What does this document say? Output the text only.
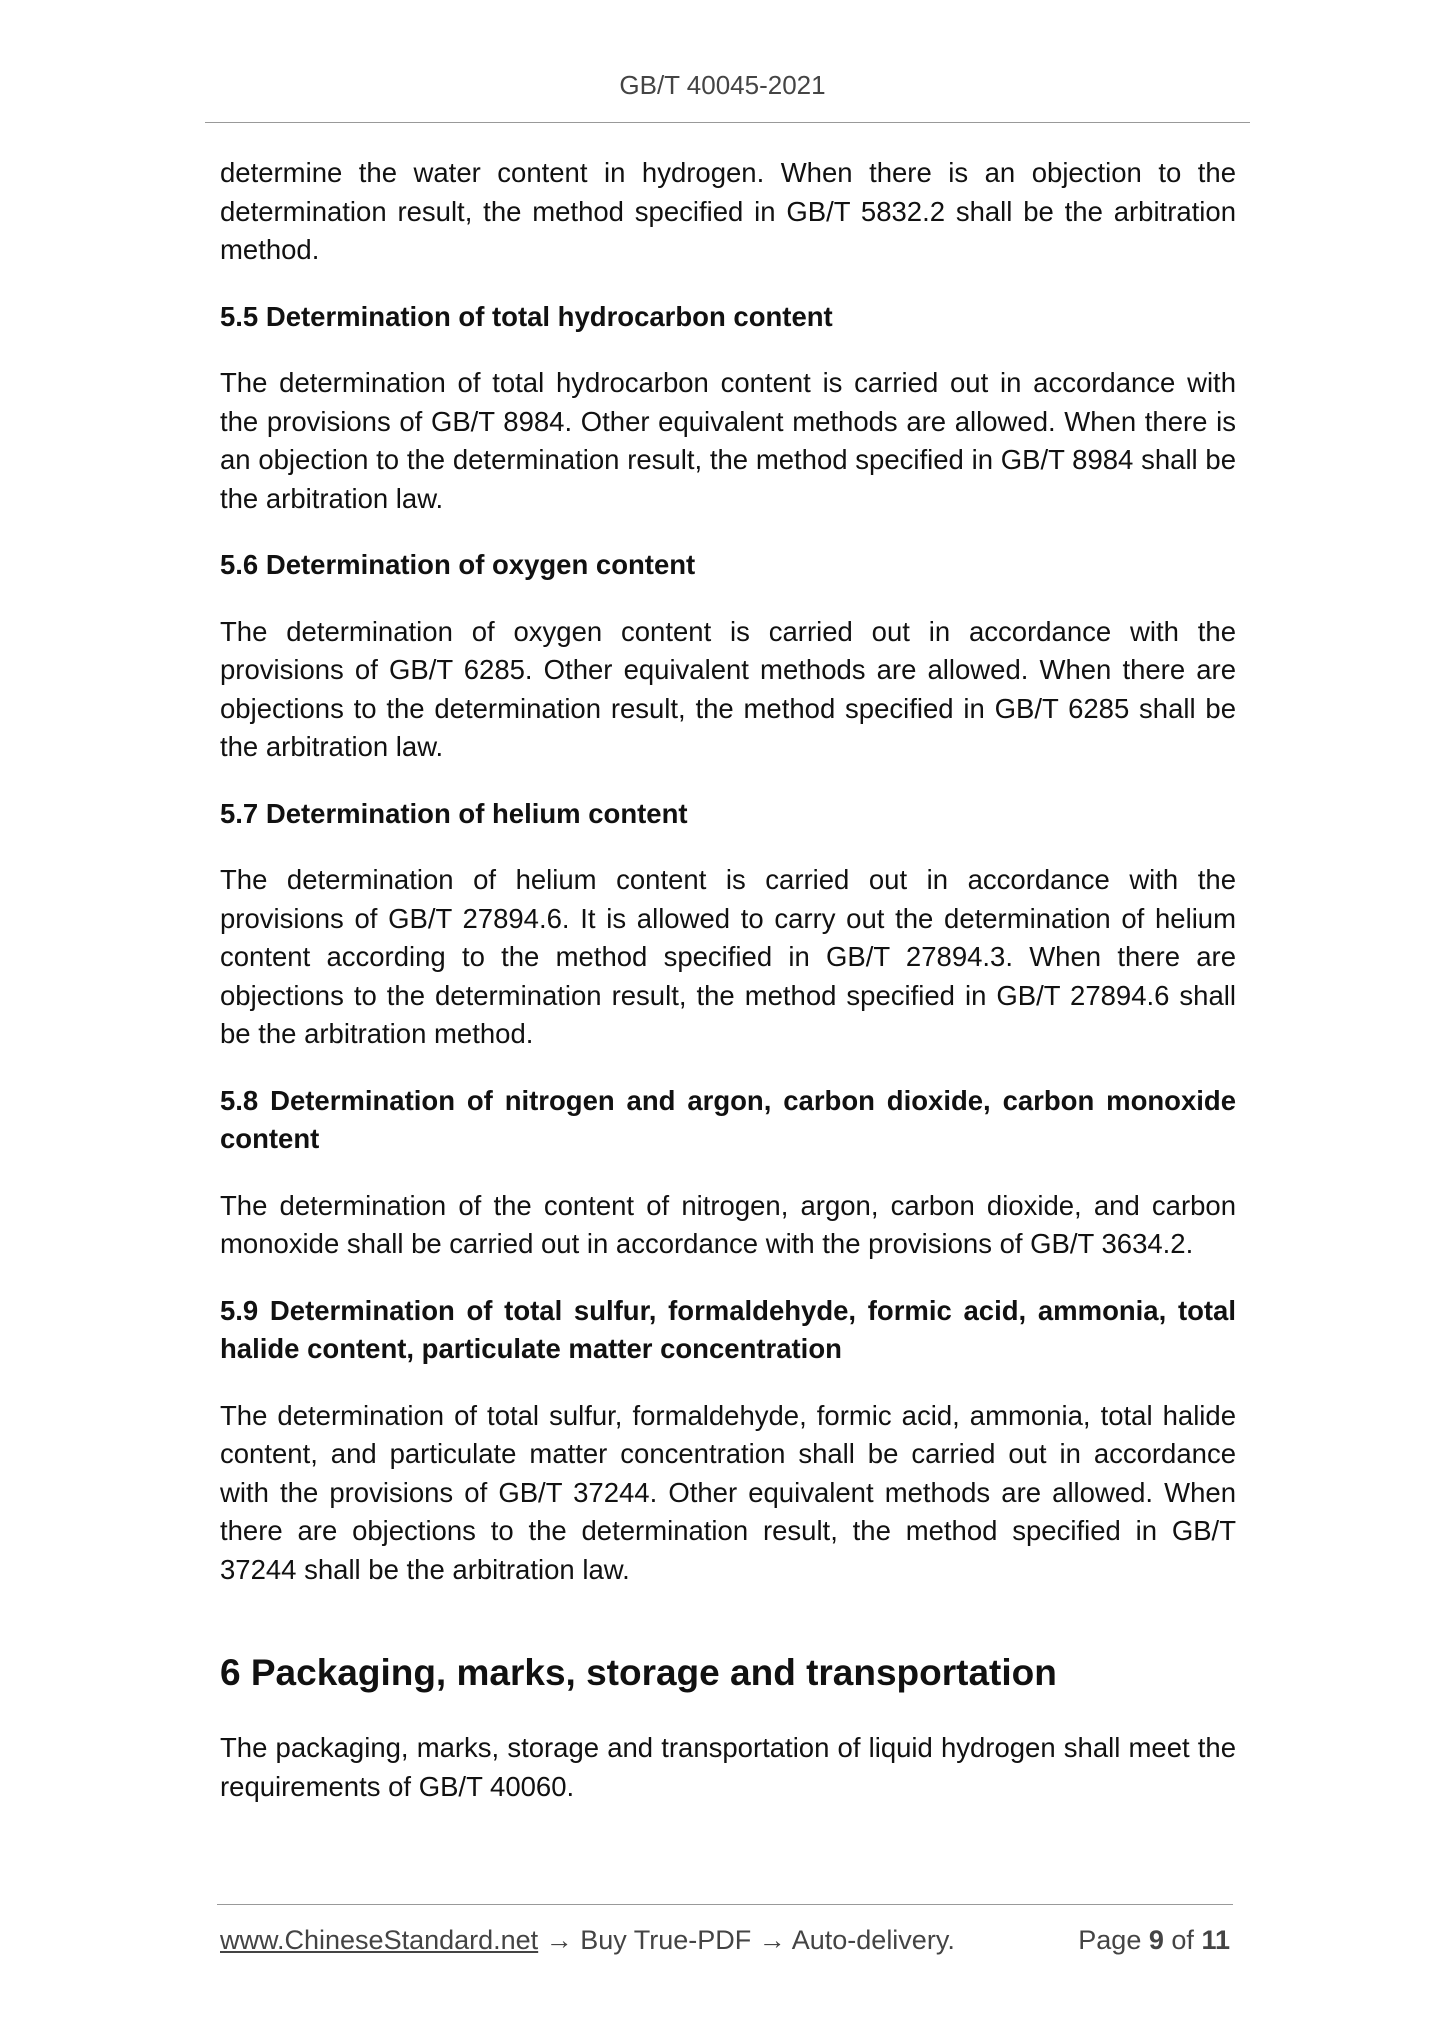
GB/T 40045-2021

determine the water content in hydrogen. When there is an objection to the determination result, the method specified in GB/T 5832.2 shall be the arbitration method.

5.5 Determination of total hydrocarbon content

The determination of total hydrocarbon content is carried out in accordance with the provisions of GB/T 8984. Other equivalent methods are allowed. When there is an objection to the determination result, the method specified in GB/T 8984 shall be the arbitration law.

5.6 Determination of oxygen content

The determination of oxygen content is carried out in accordance with the provisions of GB/T 6285. Other equivalent methods are allowed. When there are objections to the determination result, the method specified in GB/T 6285 shall be the arbitration law.

5.7 Determination of helium content

The determination of helium content is carried out in accordance with the provisions of GB/T 27894.6. It is allowed to carry out the determination of helium content according to the method specified in GB/T 27894.3. When there are objections to the determination result, the method specified in GB/T 27894.6 shall be the arbitration method.

5.8 Determination of nitrogen and argon, carbon dioxide, carbon monoxide content

The determination of the content of nitrogen, argon, carbon dioxide, and carbon monoxide shall be carried out in accordance with the provisions of GB/T 3634.2.

5.9 Determination of total sulfur, formaldehyde, formic acid, ammonia, total halide content, particulate matter concentration

The determination of total sulfur, formaldehyde, formic acid, ammonia, total halide content, and particulate matter concentration shall be carried out in accordance with the provisions of GB/T 37244. Other equivalent methods are allowed. When there are objections to the determination result, the method specified in GB/T 37244 shall be the arbitration law.

6 Packaging, marks, storage and transportation

The packaging, marks, storage and transportation of liquid hydrogen shall meet the requirements of GB/T 40060.

www.ChineseStandard.net → Buy True-PDF → Auto-delivery.	Page 9 of 11
